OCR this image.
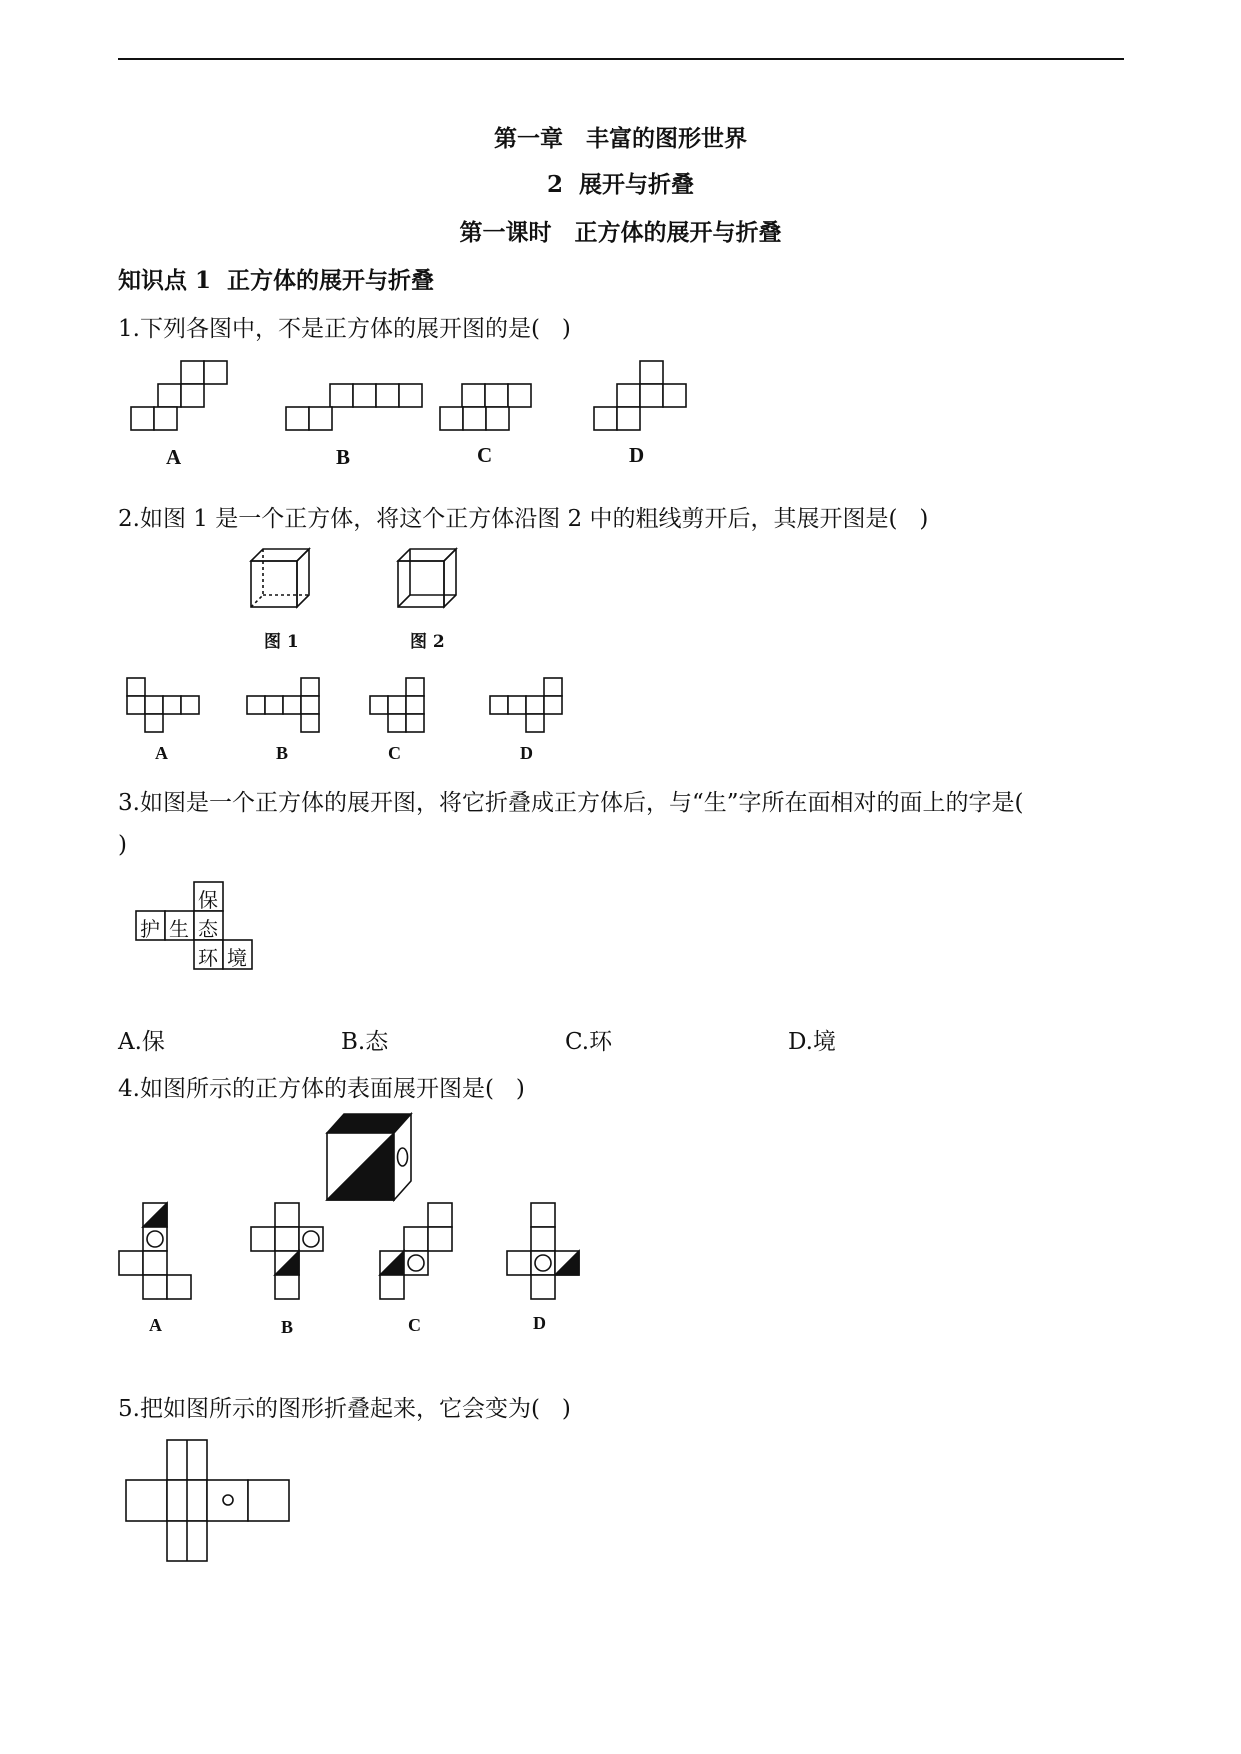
第一章　丰富的图形世界
2  展开与折叠
第一课时　正方体的展开与折叠
知识点 1  正方体的展开与折叠
1.下列各图中，不是正方体的展开图的是(   )
A	B	C	D
2.如图 1 是一个正方体，将这个正方体沿图 2 中的粗线剪开后，其展开图是(   )
图 1	图 2
A	B	C	D
3.如图是一个正方体的展开图，将它折叠成正方体后，与“生”字所在面相对的面上的字是(
)
保
护 生 态
环 境
A.保	B.态	C.环	D.境
4.如图所示的正方体的表面展开图是(   )
A	B	C	D
5.把如图所示的图形折叠起来，它会变为(   )
